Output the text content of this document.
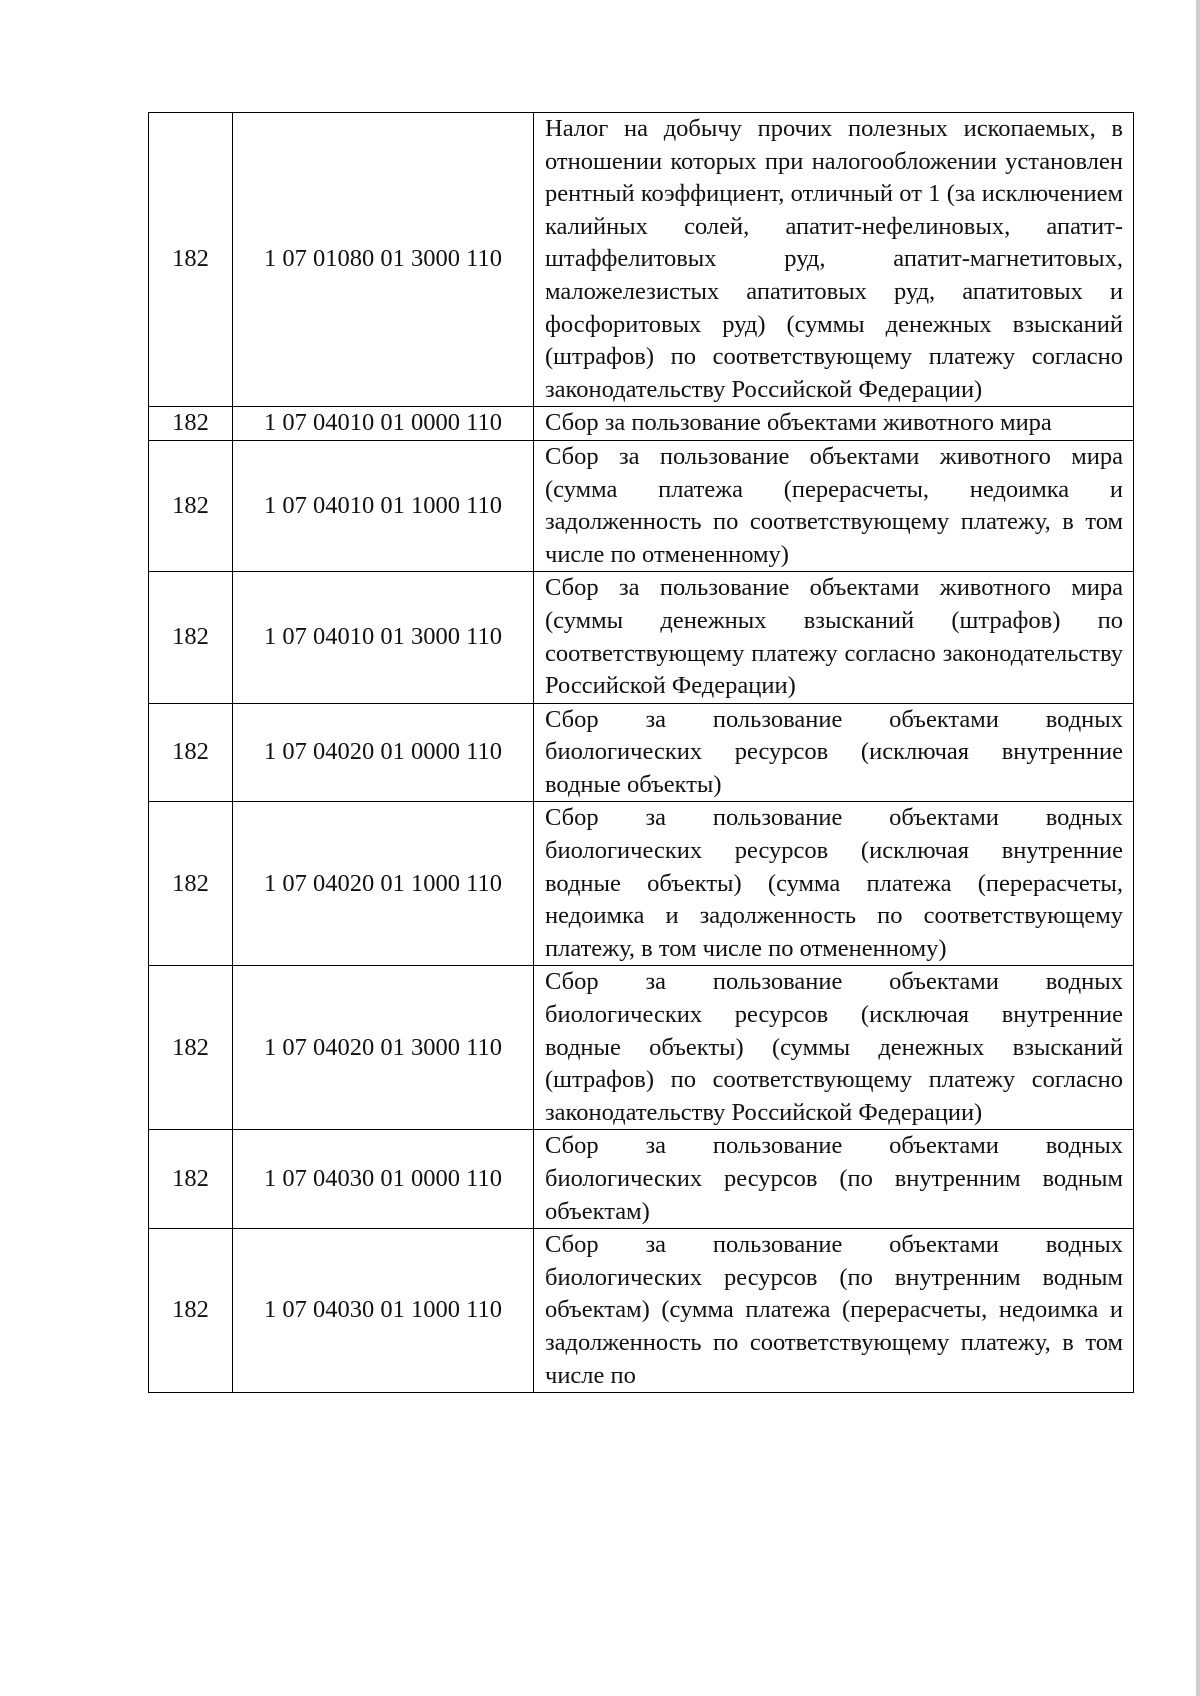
182	1 07 01080 01 3000 110	Налог на добычу прочих полезных ископаемых, в отношении которых при налогообложении установлен рентный коэффициент, отличный от 1 (за исключением калийных солей, апатит-нефелиновых, апатит-штаффелитовых руд, апатит-магнетитовых, маложелезистых апатитовых руд, апатитовых и фосфоритовых руд) (суммы денежных взысканий (штрафов) по соответствующему платежу согласно законодательству Российской Федерации)
182	1 07 04010 01 0000 110	Сбор за пользование объектами животного мира
182	1 07 04010 01 1000 110	Сбор за пользование объектами животного мира (сумма платежа (перерасчеты, недоимка и задолженность по соответствующему платежу, в том числе по отмененному)
182	1 07 04010 01 3000 110	Сбор за пользование объектами животного мира (суммы денежных взысканий (штрафов) по соответствующему платежу согласно законодательству Российской Федерации)
182	1 07 04020 01 0000 110	Сбор за пользование объектами водных биологических ресурсов (исключая внутренние водные объекты)
182	1 07 04020 01 1000 110	Сбор за пользование объектами водных биологических ресурсов (исключая внутренние водные объекты) (сумма платежа (перерасчеты, недоимка и задолженность по соответствующему платежу, в том числе по отмененному)
182	1 07 04020 01 3000 110	Сбор за пользование объектами водных биологических ресурсов (исключая внутренние водные объекты) (суммы денежных взысканий (штрафов) по соответствующему платежу согласно законодательству Российской Федерации)
182	1 07 04030 01 0000 110	Сбор за пользование объектами водных биологических ресурсов (по внутренним водным объектам)
182	1 07 04030 01 1000 110	Сбор за пользование объектами водных биологических ресурсов (по внутренним водным объектам) (сумма платежа (перерасчеты, недоимка и задолженность по соответствующему платежу, в том числе по
